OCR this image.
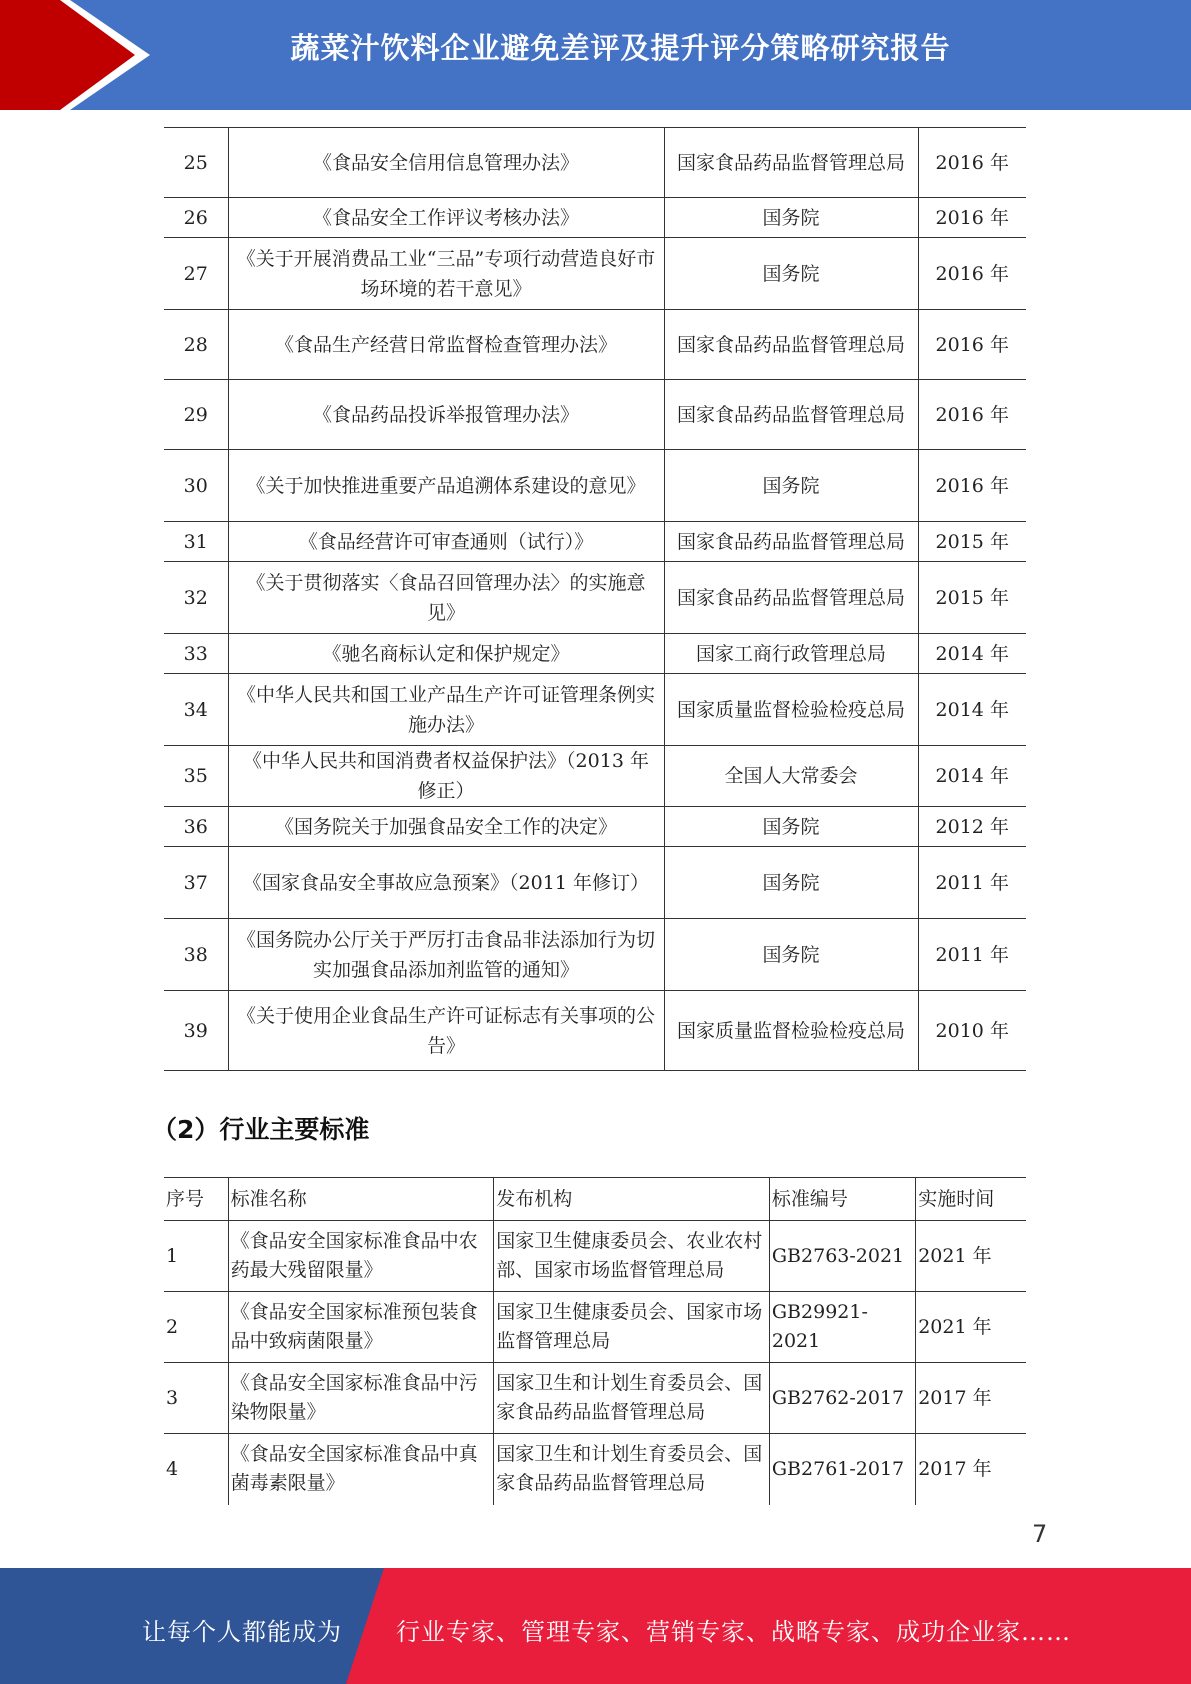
蔬菜汁饮料企业避免差评及提升评分策略研究报告
25	《食品安全信用信息管理办法》	国家食品药品监督管理总局	2016 年
26	《食品安全工作评议考核办法》	国务院	2016 年
27	《关于开展消费品工业“三品”专项行动营造良好市场环境的若干意见》	国务院	2016 年
28	《食品生产经营日常监督检查管理办法》	国家食品药品监督管理总局	2016 年
29	《食品药品投诉举报管理办法》	国家食品药品监督管理总局	2016 年
30	《关于加快推进重要产品追溯体系建设的意见》	国务院	2016 年
31	《食品经营许可审查通则（试行）》	国家食品药品监督管理总局	2015 年
32	《关于贯彻落实〈食品召回管理办法〉的实施意见》	国家食品药品监督管理总局	2015 年
33	《驰名商标认定和保护规定》	国家工商行政管理总局	2014 年
34	《中华人民共和国工业产品生产许可证管理条例实施办法》	国家质量监督检验检疫总局	2014 年
35	《中华人民共和国消费者权益保护法》（2013 年修正）	全国人大常委会	2014 年
36	《国务院关于加强食品安全工作的决定》	国务院	2012 年
37	《国家食品安全事故应急预案》（2011 年修订）	国务院	2011 年
38	《国务院办公厅关于严厉打击食品非法添加行为切实加强食品添加剂监管的通知》	国务院	2011 年
39	《关于使用企业食品生产许可证标志有关事项的公告》	国家质量监督检验检疫总局	2010 年
（2）行业主要标准
序号	标准名称	发布机构	标准编号	实施时间
1	《食品安全国家标准食品中农药最大残留限量》	国家卫生健康委员会、农业农村部、国家市场监督管理总局	GB2763-2021	2021 年
2	《食品安全国家标准预包装食品中致病菌限量》	国家卫生健康委员会、国家市场监督管理总局	GB29921-2021	2021 年
3	《食品安全国家标准食品中污染物限量》	国家卫生和计划生育委员会、国家食品药品监督管理总局	GB2762-2017	2017 年
4	《食品安全国家标准食品中真菌毒素限量》	国家卫生和计划生育委员会、国家食品药品监督管理总局	GB2761-2017	2017 年
7
让每个人都能成为 行业专家、管理专家、营销专家、战略专家、成功企业家……
